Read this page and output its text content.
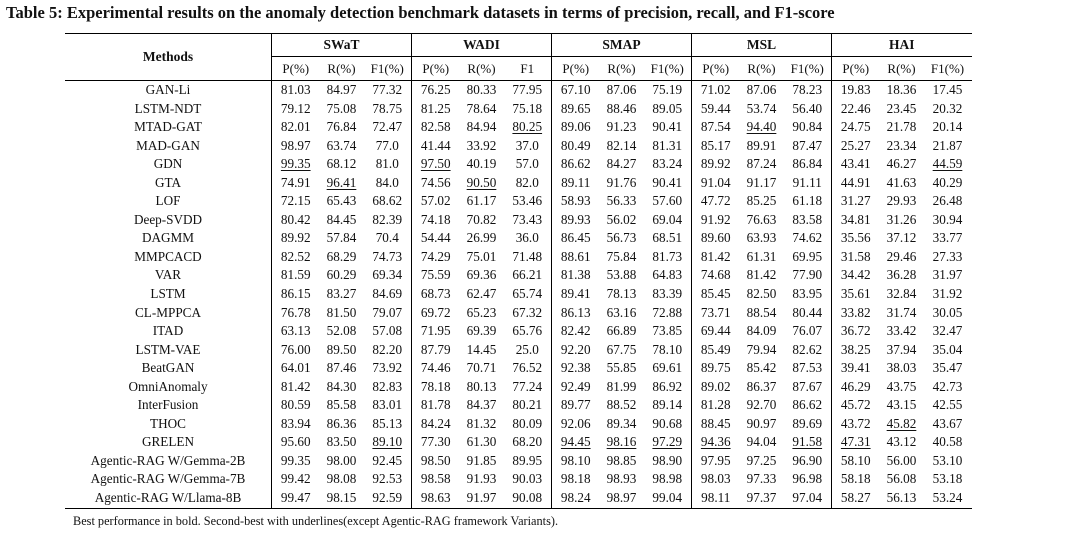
Table 5: Experimental results on the anomaly detection benchmark datasets in terms of precision, recall, and F1-score
Methods	SWaT			WADI			SMAP			MSL			HAI		
	P(%)	R(%)	F1(%)	P(%)	R(%)	F1	P(%)	R(%)	F1(%)	P(%)	R(%)	F1(%)	P(%)	R(%)	F1(%)
GAN-Li	81.03	84.97	77.32	76.25	80.33	77.95	67.10	87.06	75.19	71.02	87.06	78.23	19.83	18.36	17.45
LSTM-NDT	79.12	75.08	78.75	81.25	78.64	75.18	89.65	88.46	89.05	59.44	53.74	56.40	22.46	23.45	20.32
MTAD-GAT	82.01	76.84	72.47	82.58	84.94	80.25	89.06	91.23	90.41	87.54	94.40	90.84	24.75	21.78	20.14
MAD-GAN	98.97	63.74	77.0	41.44	33.92	37.0	80.49	82.14	81.31	85.17	89.91	87.47	25.27	23.34	21.87
GDN	99.35	68.12	81.0	97.50	40.19	57.0	86.62	84.27	83.24	89.92	87.24	86.84	43.41	46.27	44.59
GTA	74.91	96.41	84.0	74.56	90.50	82.0	89.11	91.76	90.41	91.04	91.17	91.11	44.91	41.63	40.29
LOF	72.15	65.43	68.62	57.02	61.17	53.46	58.93	56.33	57.60	47.72	85.25	61.18	31.27	29.93	26.48
Deep-SVDD	80.42	84.45	82.39	74.18	70.82	73.43	89.93	56.02	69.04	91.92	76.63	83.58	34.81	31.26	30.94
DAGMM	89.92	57.84	70.4	54.44	26.99	36.0	86.45	56.73	68.51	89.60	63.93	74.62	35.56	37.12	33.77
MMPCACD	82.52	68.29	74.73	74.29	75.01	71.48	88.61	75.84	81.73	81.42	61.31	69.95	31.58	29.46	27.33
VAR	81.59	60.29	69.34	75.59	69.36	66.21	81.38	53.88	64.83	74.68	81.42	77.90	34.42	36.28	31.97
LSTM	86.15	83.27	84.69	68.73	62.47	65.74	89.41	78.13	83.39	85.45	82.50	83.95	35.61	32.84	31.92
CL-MPPCA	76.78	81.50	79.07	69.72	65.23	67.32	86.13	63.16	72.88	73.71	88.54	80.44	33.82	31.74	30.05
ITAD	63.13	52.08	57.08	71.95	69.39	65.76	82.42	66.89	73.85	69.44	84.09	76.07	36.72	33.42	32.47
LSTM-VAE	76.00	89.50	82.20	87.79	14.45	25.0	92.20	67.75	78.10	85.49	79.94	82.62	38.25	37.94	35.04
BeatGAN	64.01	87.46	73.92	74.46	70.71	76.52	92.38	55.85	69.61	89.75	85.42	87.53	39.41	38.03	35.47
OmniAnomaly	81.42	84.30	82.83	78.18	80.13	77.24	92.49	81.99	86.92	89.02	86.37	87.67	46.29	43.75	42.73
InterFusion	80.59	85.58	83.01	81.78	84.37	80.21	89.77	88.52	89.14	81.28	92.70	86.62	45.72	43.15	42.55
THOC	83.94	86.36	85.13	84.24	81.32	80.09	92.06	89.34	90.68	88.45	90.97	89.69	43.72	45.82	43.67
GRELEN	95.60	83.50	89.10	77.30	61.30	68.20	94.45	98.16	97.29	94.36	94.04	91.58	47.31	43.12	40.58
Agentic-RAG W/Gemma-2B	99.35	98.00	92.45	98.50	91.85	89.95	98.10	98.85	98.90	97.95	97.25	96.90	58.10	56.00	53.10
Agentic-RAG W/Gemma-7B	99.42	98.08	92.53	98.58	91.93	90.03	98.18	98.93	98.98	98.03	97.33	96.98	58.18	56.08	53.18
Agentic-RAG W/Llama-8B	99.47	98.15	92.59	98.63	91.97	90.08	98.24	98.97	99.04	98.11	97.37	97.04	58.27	56.13	53.24
Best performance in bold. Second-best with underlines(except Agentic-RAG framework Variants).
